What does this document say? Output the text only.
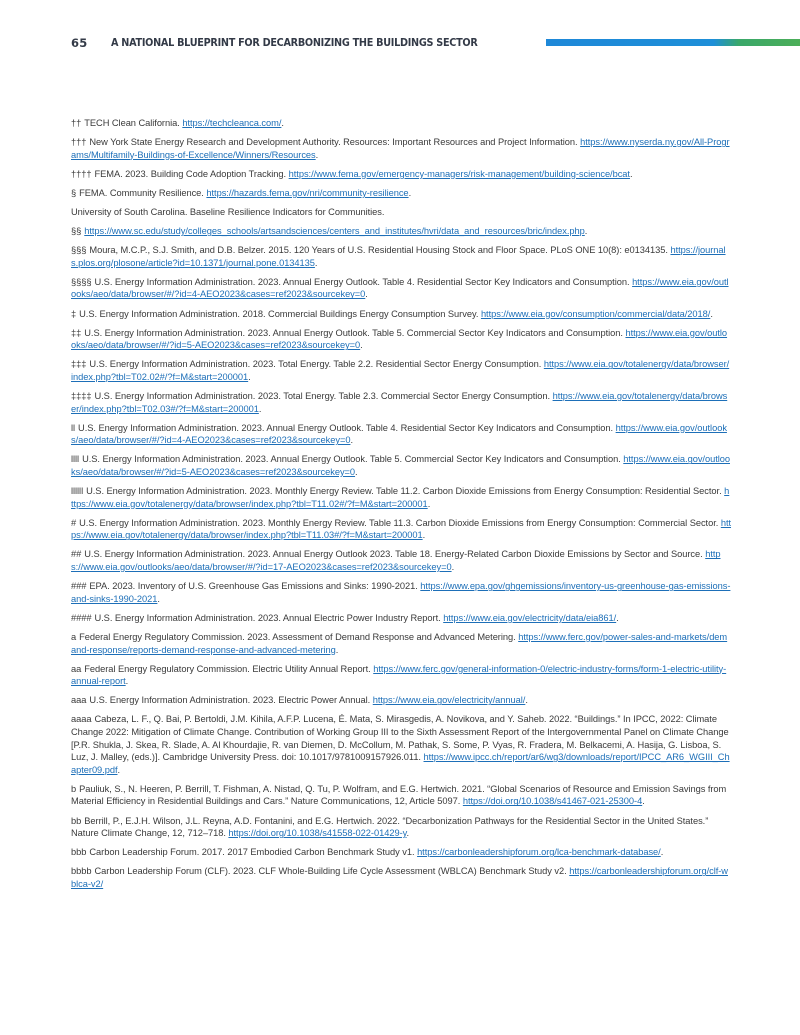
65 A NATIONAL BLUEPRINT FOR DECARBONIZING THE BUILDINGS SECTOR

†† TECH Clean California. https://techcleanca.com/.

††† New York State Energy Research and Development Authority. Resources: Important Resources and Project Information. https://www.nyserda.ny.gov/All-Programs/Multifamily-Buildings-of-Excellence/Winners/Resources.

†††† FEMA. 2023. Building Code Adoption Tracking. https://www.fema.gov/emergency-managers/risk-management/building-science/bcat.

§ FEMA. Community Resilience. https://hazards.fema.gov/nri/community-resilience.

University of South Carolina. Baseline Resilience Indicators for Communities.

§§ https://www.sc.edu/study/colleges_schools/artsandsciences/centers_and_institutes/hvri/data_and_resources/bric/index.php.

§§§ Moura, M.C.P., S.J. Smith, and D.B. Belzer. 2015. 120 Years of U.S. Residential Housing Stock and Floor Space. PLoS ONE 10(8): e0134135. https://journals.plos.org/plosone/article?id=10.1371/journal.pone.0134135.

§§§§ U.S. Energy Information Administration. 2023. Annual Energy Outlook. Table 4. Residential Sector Key Indicators and Consumption. https://www.eia.gov/outlooks/aeo/data/browser/#/?id=4-AEO2023&cases=ref2023&sourcekey=0.

‡ U.S. Energy Information Administration. 2018. Commercial Buildings Energy Consumption Survey. https://www.eia.gov/consumption/commercial/data/2018/.

‡‡ U.S. Energy Information Administration. 2023. Annual Energy Outlook. Table 5. Commercial Sector Key Indicators and Consumption. https://www.eia.gov/outlooks/aeo/data/browser/#/?id=5-AEO2023&cases=ref2023&sourcekey=0.

‡‡‡ U.S. Energy Information Administration. 2023. Total Energy. Table 2.2. Residential Sector Energy Consumption. https://www.eia.gov/totalenergy/data/browser/index.php?tbl=T02.02#/?f=M&start=200001.

‡‡‡‡ U.S. Energy Information Administration. 2023. Total Energy. Table 2.3. Commercial Sector Energy Consumption. https://www.eia.gov/totalenergy/data/browser/index.php?tbl=T02.03#/?f=M&start=200001.

ll U.S. Energy Information Administration. 2023. Annual Energy Outlook. Table 4. Residential Sector Key Indicators and Consumption. https://www.eia.gov/outlooks/aeo/data/browser/#/?id=4-AEO2023&cases=ref2023&sourcekey=0.

llll U.S. Energy Information Administration. 2023. Annual Energy Outlook. Table 5. Commercial Sector Key Indicators and Consumption. https://www.eia.gov/outlooks/aeo/data/browser/#/?id=5-AEO2023&cases=ref2023&sourcekey=0.

llllll U.S. Energy Information Administration. 2023. Monthly Energy Review. Table 11.2. Carbon Dioxide Emissions from Energy Consumption: Residential Sector. https://www.eia.gov/totalenergy/data/browser/index.php?tbl=T11.02#/?f=M&start=200001.

# U.S. Energy Information Administration. 2023. Monthly Energy Review. Table 11.3. Carbon Dioxide Emissions from Energy Consumption: Commercial Sector. https://www.eia.gov/totalenergy/data/browser/index.php?tbl=T11.03#/?f=M&start=200001.

## U.S. Energy Information Administration. 2023. Annual Energy Outlook 2023. Table 18. Energy-Related Carbon Dioxide Emissions by Sector and Source. https://www.eia.gov/outlooks/aeo/data/browser/#/?id=17-AEO2023&cases=ref2023&sourcekey=0.

### EPA. 2023. Inventory of U.S. Greenhouse Gas Emissions and Sinks: 1990-2021. https://www.epa.gov/ghgemissions/inventory-us-greenhouse-gas-emissions-and-sinks-1990-2021.

#### U.S. Energy Information Administration. 2023. Annual Electric Power Industry Report. https://www.eia.gov/electricity/data/eia861/.

a Federal Energy Regulatory Commission. 2023. Assessment of Demand Response and Advanced Metering. https://www.ferc.gov/power-sales-and-markets/demand-response/reports-demand-response-and-advanced-metering.

aa Federal Energy Regulatory Commission. Electric Utility Annual Report. https://www.ferc.gov/general-information-0/electric-industry-forms/form-1-electric-utility-annual-report.

aaa U.S. Energy Information Administration. 2023. Electric Power Annual. https://www.eia.gov/electricity/annual/.

aaaa Cabeza, L. F., Q. Bai, P. Bertoldi, J.M. Kihila, A.F.P. Lucena, É. Mata, S. Mirasgedis, A. Novikova, and Y. Saheb. 2022. “Buildings.” In IPCC, 2022: Climate Change 2022: Mitigation of Climate Change. Contribution of Working Group III to the Sixth Assessment Report of the Intergovernmental Panel on Climate Change [P.R. Shukla, J. Skea, R. Slade, A. Al Khourdajie, R. van Diemen, D. McCollum, M. Pathak, S. Some, P. Vyas, R. Fradera, M. Belkacemi, A. Hasija, G. Lisboa, S. Luz, J. Malley, (eds.)]. Cambridge University Press. doi: 10.1017/9781009157926.011. https://www.ipcc.ch/report/ar6/wg3/downloads/report/IPCC_AR6_WGIII_Chapter09.pdf.

b Pauliuk, S., N. Heeren, P. Berrill, T. Fishman, A. Nistad, Q. Tu, P. Wolfram, and E.G. Hertwich. 2021. “Global Scenarios of Resource and Emission Savings from Material Efficiency in Residential Buildings and Cars.” Nature Communications, 12, Article 5097. https://doi.org/10.1038/s41467-021-25300-4.

bb Berrill, P., E.J.H. Wilson, J.L. Reyna, A.D. Fontanini, and E.G. Hertwich. 2022. “Decarbonization Pathways for the Residential Sector in the United States.” Nature Climate Change, 12, 712–718. https://doi.org/10.1038/s41558-022-01429-y.

bbb Carbon Leadership Forum. 2017. 2017 Embodied Carbon Benchmark Study v1. https://carbonleadershipforum.org/lca-benchmark-database/.

bbbb Carbon Leadership Forum (CLF). 2023. CLF Whole-Building Life Cycle Assessment (WBLCA) Benchmark Study v2. https://carbonleadershipforum.org/clf-wblca-v2/
